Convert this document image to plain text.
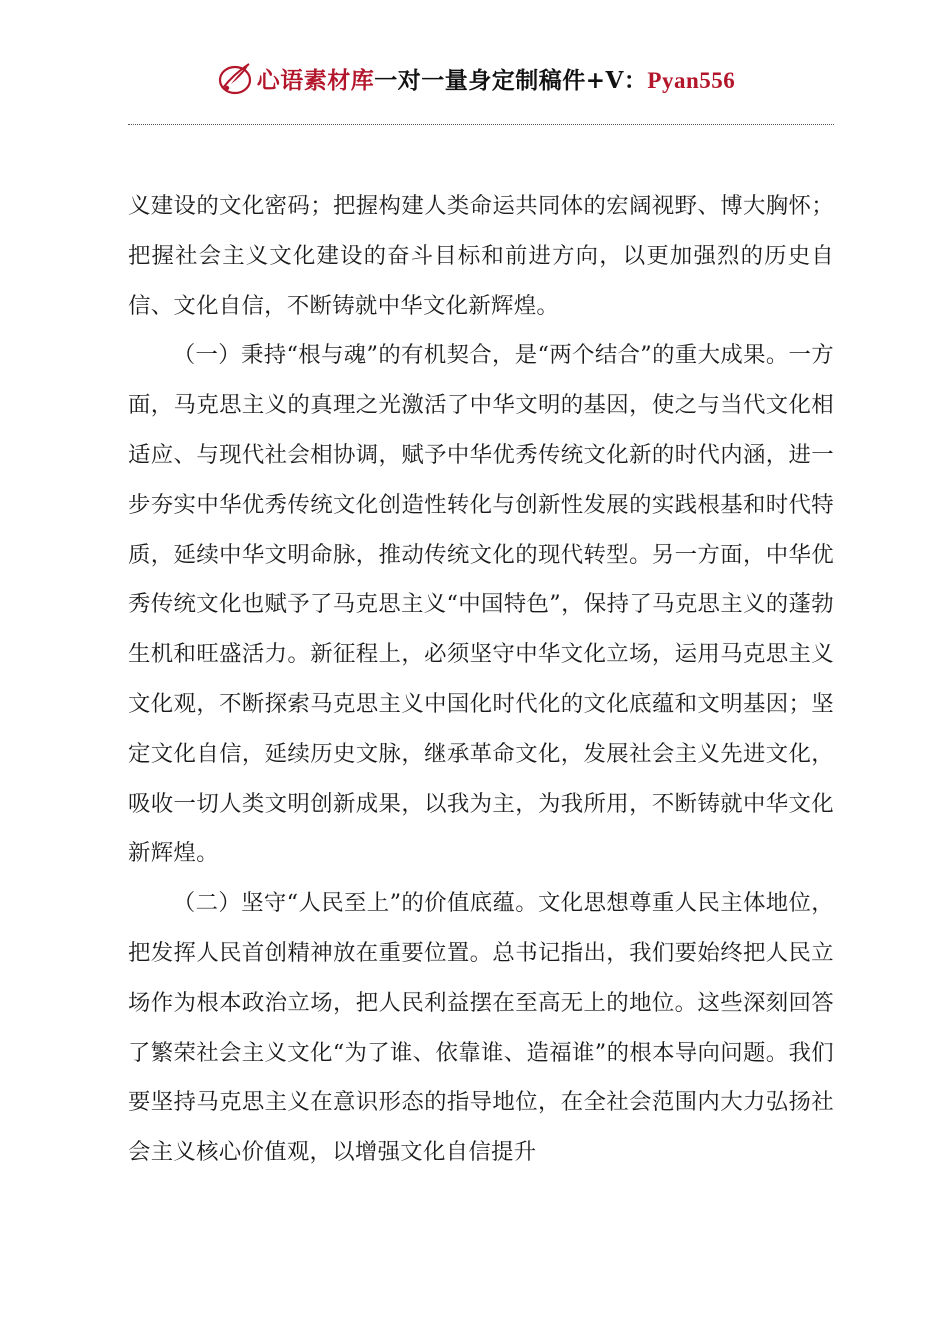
心语素材库一对一量身定制稿件+V：Pyan556

义建设的文化密码；把握构建人类命运共同体的宏阔视野、博大胸怀；把握社会主义文化建设的奋斗目标和前进方向，以更加强烈的历史自信、文化自信，不断铸就中华文化新辉煌。

（一）秉持“根与魂”的有机契合，是“两个结合”的重大成果。一方面，马克思主义的真理之光激活了中华文明的基因，使之与当代文化相适应、与现代社会相协调，赋予中华优秀传统文化新的时代内涵，进一步夯实中华优秀传统文化创造性转化与创新性发展的实践根基和时代特质，延续中华文明命脉，推动传统文化的现代转型。另一方面，中华优秀传统文化也赋予了马克思主义“中国特色”，保持了马克思主义的蓬勃生机和旺盛活力。新征程上，必须坚守中华文化立场，运用马克思主义文化观，不断探索马克思主义中国化时代化的文化底蕴和文明基因；坚定文化自信，延续历史文脉，继承革命文化，发展社会主义先进文化，吸收一切人类文明创新成果，以我为主，为我所用，不断铸就中华文化新辉煌。

（二）坚守“人民至上”的价值底蕴。文化思想尊重人民主体地位，把发挥人民首创精神放在重要位置。总书记指出，我们要始终把人民立场作为根本政治立场，把人民利益摆在至高无上的地位。这些深刻回答了繁荣社会主义文化“为了谁、依靠谁、造福谁”的根本导向问题。我们要坚持马克思主义在意识形态的指导地位，在全社会范围内大力弘扬社会主义核心价值观，以增强文化自信提升
